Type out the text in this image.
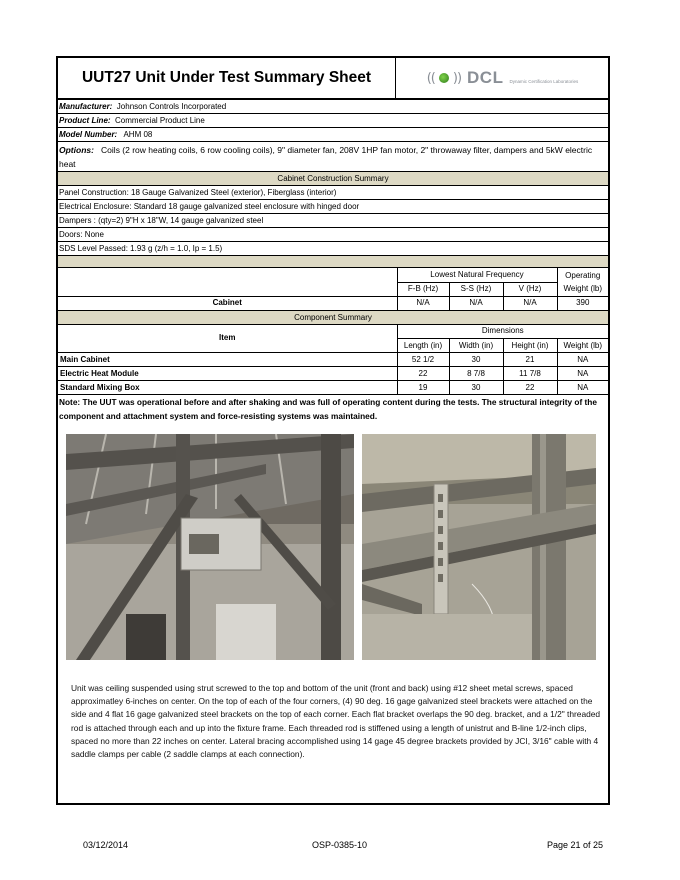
UUT27 Unit Under Test Summary Sheet	(( )) DCL Dynamic Certification Laboratories
Manufacturer: Johnson Controls Incorporated
Product Line: Commercial Product Line
Model Number: AHM 08
Options: Coils (2 row heating coils, 6 row cooling coils), 9" diameter fan, 208V 1HP fan motor, 2" throwaway filter, dampers and 5kW electric heat
Cabinet Construction Summary
Panel Construction: 18 Gauge Galvanized Steel (exterior), Fiberglass (interior)
Electrical Enclosure: Standard 18 gauge galvanized steel enclosure with hinged door
Dampers : (qty=2) 9"H x 18"W, 14 gauge galvanized steel
Doors: None
SDS Level Passed: 1.93 g (z/h = 1.0, Ip = 1.5)
	Lowest Natural Frequency			Operating
Weight (lb)
	F-B (Hz)	S-S (Hz)	V (Hz)	
Cabinet	N/A	N/A	N/A	390
Component Summary
Item	Dimensions			
	Length (in)	Width (in)	Height (in)	Weight (lb)
Main Cabinet	52 1/2	30	21	NA
Electric Heat Module	22	8 7/8	11 7/8	NA
Standard Mixing Box	19	30	22	NA
Note: The UUT was operational before and after shaking and was full of operating content during the tests. The structural integrity of the component and attachment system and force-resisting systems was maintained.
Unit was ceiling suspended using strut screwed to the top and bottom of the unit (front and back) using #12 sheet metal screws, spaced approximatley 6-inches on center. On the top of each of the four corners, (4) 90 deg. 16 gage galvanized steel brackets were attached on the side and 4 flat 16 gage galvanized steel brackets on the top of each corner. Each flat bracket overlaps the 90 deg. bracket, and a 1/2" threaded rod is attached through each and up into the fixture frame. Each threaded rod is stiffened using a length of unistrut and B-line 1/2-inch clips, spaced no more than 22 inches on center. Lateral bracing accomplished using 14 gage 45 degree brackets provided by JCI, 3/16" cable with 4 saddle clamps per cable (2 saddle clamps at each connection).
03/12/2014	OSP-0385-10	Page 21 of 25
